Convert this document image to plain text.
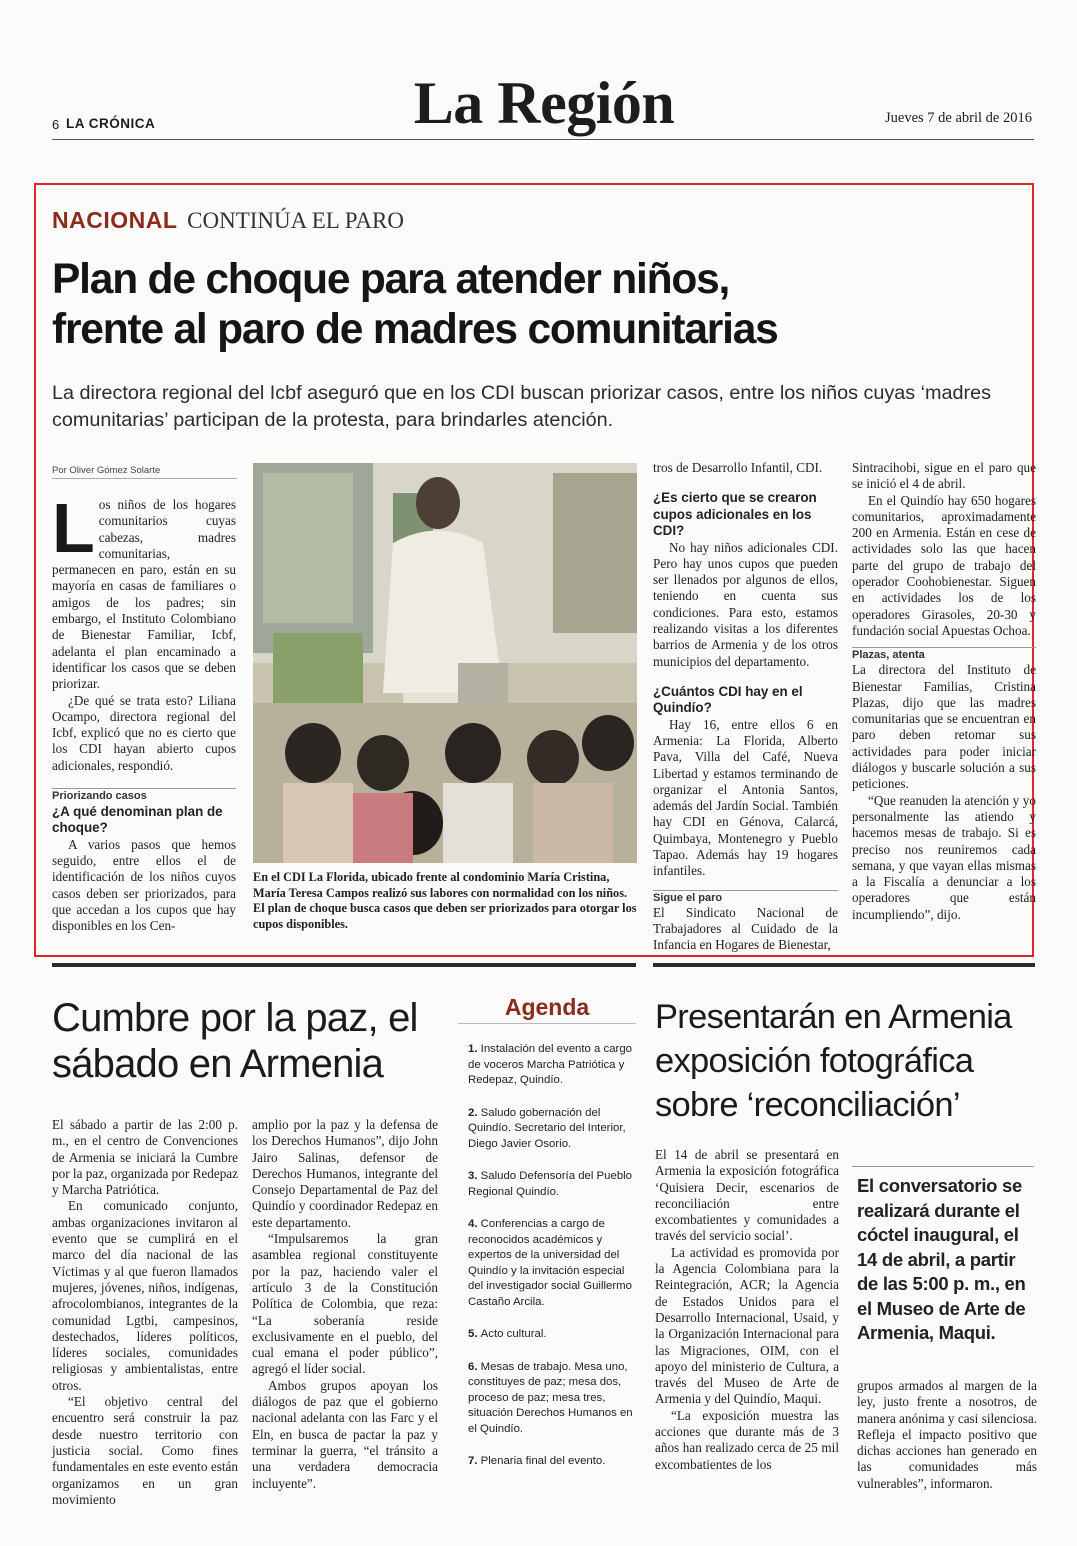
6 LA CRÓNICA	La Región	Jueves 7 de abril de 2016
NACIONAL CONTINÚA EL PARO
Plan de choque para atender niños,
frente al paro de madres comunitarias
La directora regional del Icbf aseguró que en los CDI buscan priorizar casos, entre los niños cuyas ‘madres comunitarias’ participan de la protesta, para brindarles atención.
Por Oliver Gómez Solarte
L os niños de los hogares comunitarios cuyas cabezas, madres comunitarias, permanecen en paro, están en su mayoría en casas de familiares o amigos de los padres; sin embargo, el Instituto Colombiano de Bienestar Familiar, Icbf, adelanta el plan encaminado a identificar los casos que se deben priorizar.

¿De qué se trata esto? Liliana Ocampo, directora regional del Icbf, explicó que no es cierto que los CDI hayan abierto cupos adicionales, respondió.

Priorizando casos

¿A qué denominan plan de choque?

A varios pasos que hemos seguido, entre ellos el de identificación de los niños cuyos casos deben ser priorizados, para que accedan a los cupos que hay disponibles en los Cen-

En el CDI La Florida, ubicado frente al condominio María Cristina, María Teresa Campos realizó sus labores con normalidad con los niños. El plan de choque busca casos que deben ser priorizados para otorgar los cupos disponibles.

tros de Desarrollo Infantil, CDI.

¿Es cierto que se crearon cupos adicionales en los CDI?

No hay niños adicionales CDI. Pero hay unos cupos que pueden ser llenados por algunos de ellos, teniendo en cuenta sus condiciones. Para esto, estamos realizando visitas a los diferentes barrios de Armenia y de los otros municipios del departamento.

¿Cuántos CDI hay en el Quindío?

Hay 16, entre ellos 6 en Armenia: La Florida, Alberto Pava, Villa del Café, Nueva Libertad y estamos terminando de organizar el Antonia Santos, además del Jardín Social. También hay CDI en Génova, Calarcá, Quimbaya, Montenegro y Pueblo Tapao. Además hay 19 hogares infantiles.

Sigue el paro

El Sindicato Nacional de Trabajadores al Cuidado de la Infancia en Hogares de Bienestar,

Sintracihobi, sigue en el paro que se inició el 4 de abril.

En el Quindío hay 650 hogares comunitarios, aproximadamente 200 en Armenia. Están en cese de actividades solo las que hacen parte del grupo de trabajo del operador Coohobienestar. Siguen en actividades los de los operadores Girasoles, 20-30 y fundación social Apuestas Ochoa.

Plazas, atenta

La directora del Instituto de Bienestar Familias, Cristina Plazas, dijo que las madres comunitarias que se encuentran en paro deben retomar sus actividades para poder iniciar diálogos y buscarle solución a sus peticiones.

“Que reanuden la atención y yo personalmente las atiendo y hacemos mesas de trabajo. Si es preciso nos reuniremos cada semana, y que vayan ellas mismas a la Fiscalía a denunciar a los operadores que están incumpliendo”, dijo.

Cumbre por la paz, el sábado en Armenia

El sábado a partir de las 2:00 p. m., en el centro de Convenciones de Armenia se iniciará la Cumbre por la paz, organizada por Redepaz y Marcha Patriótica.

En comunicado conjunto, ambas organizaciones invitaron al evento que se cumplirá en el marco del día nacional de las Víctimas y al que fueron llamados mujeres, jóvenes, niños, indígenas, afrocolombianos, integrantes de la comunidad Lgtbi, campesinos, destechados, líderes políticos, líderes sociales, comunidades religiosas y ambientalistas, entre otros.

“El objetivo central del encuentro será construir la paz desde nuestro territorio con justicia social. Como fines fundamentales en este evento están organizamos en un gran movimiento

amplio por la paz y la defensa de los Derechos Humanos”, dijo John Jairo Salinas, defensor de Derechos Humanos, integrante del Consejo Departamental de Paz del Quindío y coordinador Redepaz en este departamento.

“Impulsaremos la gran asamblea regional constituyente por la paz, haciendo valer el artículo 3 de la Constitución Política de Colombia, que reza: “La soberanía reside exclusivamente en el pueblo, del cual emana el poder público”, agregó el líder social.

Ambos grupos apoyan los diálogos de paz que el gobierno nacional adelanta con las Farc y el Eln, en busca de pactar la paz y terminar la guerra, “el tránsito a una verdadera democracia incluyente”.

Agenda

1. Instalación del evento a cargo de voceros Marcha Patriótica y Redepaz, Quindío.

2. Saludo gobernación del Quindío. Secretario del Interior, Diego Javier Osorio.

3. Saludo Defensoría del Pueblo Regional Quindío.

4. Conferencias a cargo de reconocidos académicos y expertos de la universidad del Quindío y la invitación especial del investigador social Guillermo Castaño Arcila.

5. Acto cultural.

6. Mesas de trabajo. Mesa uno, constituyes de paz; mesa dos, proceso de paz; mesa tres, situación Derechos Humanos en el Quindío.

7. Plenaria final del evento.

Presentarán en Armenia exposición fotográfica sobre ‘reconciliación’

El 14 de abril se presentará en Armenia la exposición fotográfica ‘Quisiera Decir, escenarios de reconciliación entre excombatientes y comunidades a través del servicio social’.

La actividad es promovida por la Agencia Colombiana para la Reintegración, ACR; la Agencia de Estados Unidos para el Desarrollo Internacional, Usaid, y la Organización Internacional para las Migraciones, OIM, con el apoyo del ministerio de Cultura, a través del Museo de Arte de Armenia y del Quindío, Maqui.

“La exposición muestra las acciones que durante más de 3 años han realizado cerca de 25 mil excombatientes de los

El conversatorio se realizará durante el cóctel inaugural, el 14 de abril, a partir de las 5:00 p. m., en el Museo de Arte de Armenia, Maqui.

grupos armados al margen de la ley, justo frente a nosotros, de manera anónima y casi silenciosa. Refleja el impacto positivo que dichas acciones han generado en las comunidades más vulnerables”, informaron.
